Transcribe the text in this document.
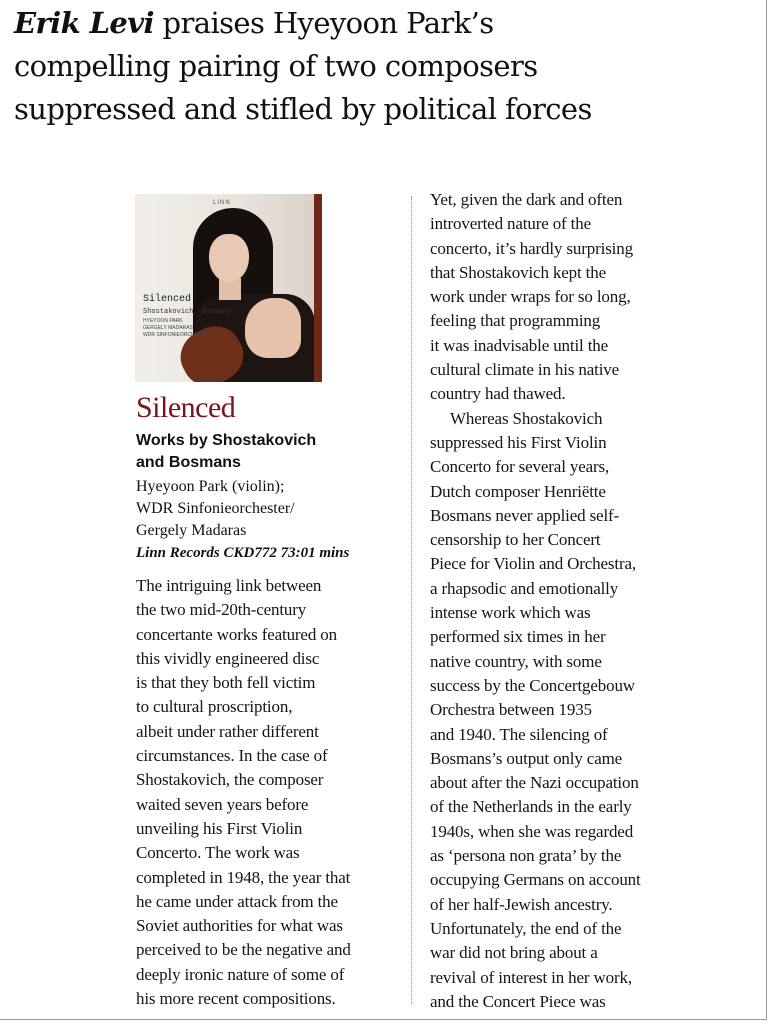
Erik Levi praises Hyeyoon Park’s
compelling pairing of two composers
suppressed and stifled by political forces
LINN
Silenced
Shostakovich, Bosmans
HYEYOON PARK
GERGELY MADARAS
WDR SINFONIEORCHESTER
Silenced
Works by Shostakovich
and Bosmans
Hyeyoon Park (violin);
WDR Sinfonieorchester/
Gergely Madaras
Linn Records CKD772 73:01 mins

The intriguing link between
the two mid-20th-century
concertante works featured on
this vividly engineered disc
is that they both fell victim
to cultural proscription,
albeit under rather different
circumstances. In the case of
Shostakovich, the composer
waited seven years before
unveiling his First Violin
Concerto. The work was
completed in 1948, the year that
he came under attack from the
Soviet authorities for what was
perceived to be the negative and
deeply ironic nature of some of
his more recent compositions.

Yet, given the dark and often
introverted nature of the
concerto, it’s hardly surprising
that Shostakovich kept the
work under wraps for so long,
feeling that programming
it was inadvisable until the
cultural climate in his native
country had thawed.

Whereas Shostakovich
suppressed his First Violin
Concerto for several years,
Dutch composer Henriëtte
Bosmans never applied self-
censorship to her Concert
Piece for Violin and Orchestra,
a rhapsodic and emotionally
intense work which was
performed six times in her
native country, with some
success by the Concertgebouw
Orchestra between 1935
and 1940. The silencing of
Bosmans’s output only came
about after the Nazi occupation
of the Netherlands in the early
1940s, when she was regarded
as ‘persona non grata’ by the
occupying Germans on account
of her half-Jewish ancestry.
Unfortunately, the end of the
war did not bring about a
revival of interest in her work,
and the Concert Piece was
